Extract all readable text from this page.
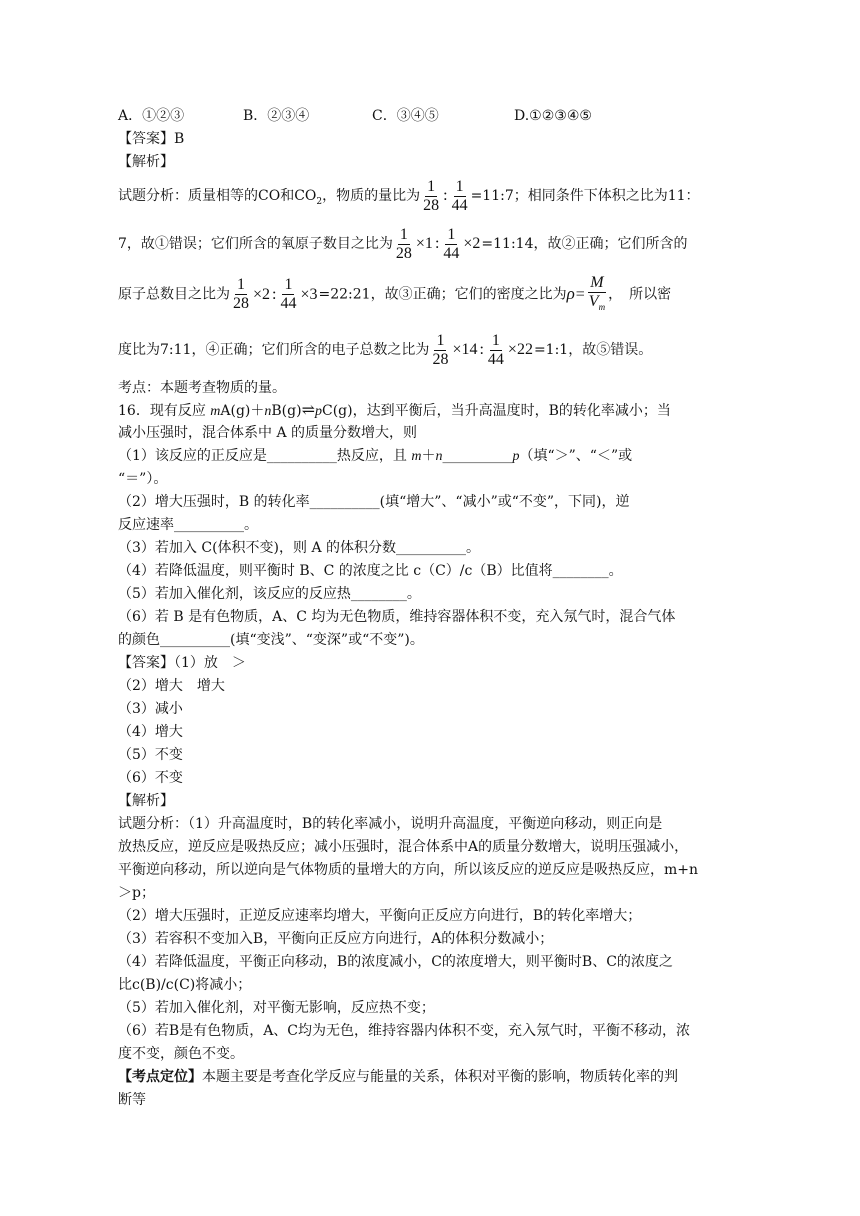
A．①②③	B．②③④	C．③④⑤	D.①②③④⑤
【答案】B
【解析】
试题分析：质量相等的CO和$CO_2$，物质的量比为 $\frac{1}{28}$ : $\frac{1}{44}$ =11:7；相同条件下体积之比为11：
7，故①错误；它们所含的氧原子数目之比为 $\frac{1}{28} \times 1$ : $\frac{1}{44}$ ×2=11:14，故②正确；它们所含的
原子总数目之比为 $\frac{1}{28} \times 2$ : $\frac{1}{44}$ ×3=22:21，故③正确；它们的密度之比为$\rho= \frac{M}{V_m}$ ，　所以密
度比为7:11，④正确；它们所含的电子总数之比为 $\frac{1}{28} \times 14$ : $\frac{1}{44}$ ×22=1:1，故⑤错误。
考点：本题考查物质的量。
16．现有反应 mA(g)＋nB(g)⇌pC(g)，达到平衡后，当升高温度时，B的转化率减小；当
减小压强时，混合体系中 A 的质量分数增大，则
（1）该反应的正反应是__________热反应，且 m＋n__________p（填“＞”、“＜”或
“＝”）。
（2）增大压强时，B 的转化率__________(填“增大”、“减小”或“不变”，下同)，逆
反应速率__________。
（3）若加入 C(体积不变)，则 A 的体积分数__________。
（4）若降低温度，则平衡时 B、C 的浓度之比 c（C）/c（B）比值将________。
（5）若加入催化剂，该反应的反应热________。
（6）若 B 是有色物质，A、C 均为无色物质，维持容器体积不变，充入氖气时，混合气体
的颜色__________(填“变浅”、“变深”或“不变”)。
【答案】（1）放　＞
（2）增大　增大
（3）减小
（4）增大
（5）不变
（6）不变
【解析】
试题分析：（1）升高温度时，B的转化率减小，说明升高温度，平衡逆向移动，则正向是
放热反应，逆反应是吸热反应；减小压强时，混合体系中A的质量分数增大，说明压强减小，
平衡逆向移动，所以逆向是气体物质的量增大的方向，所以该反应的逆反应是吸热反应，m+n
＞p；
（2）增大压强时，正逆反应速率均增大，平衡向正反应方向进行，B的转化率增大；
（3）若容积不变加入B，平衡向正反应方向进行，A的体积分数减小；
（4）若降低温度，平衡正向移动，B的浓度减小，C的浓度增大，则平衡时B、C的浓度之
比c(B)/c(C)将减小；
（5）若加入催化剂，对平衡无影响，反应热不变；
（6）若B是有色物质，A、C均为无色，维持容器内体积不变，充入氖气时，平衡不移动，浓
度不变，颜色不变。
【考点定位】本题主要是考查化学反应与能量的关系，体积对平衡的影响，物质转化率的判
断等
